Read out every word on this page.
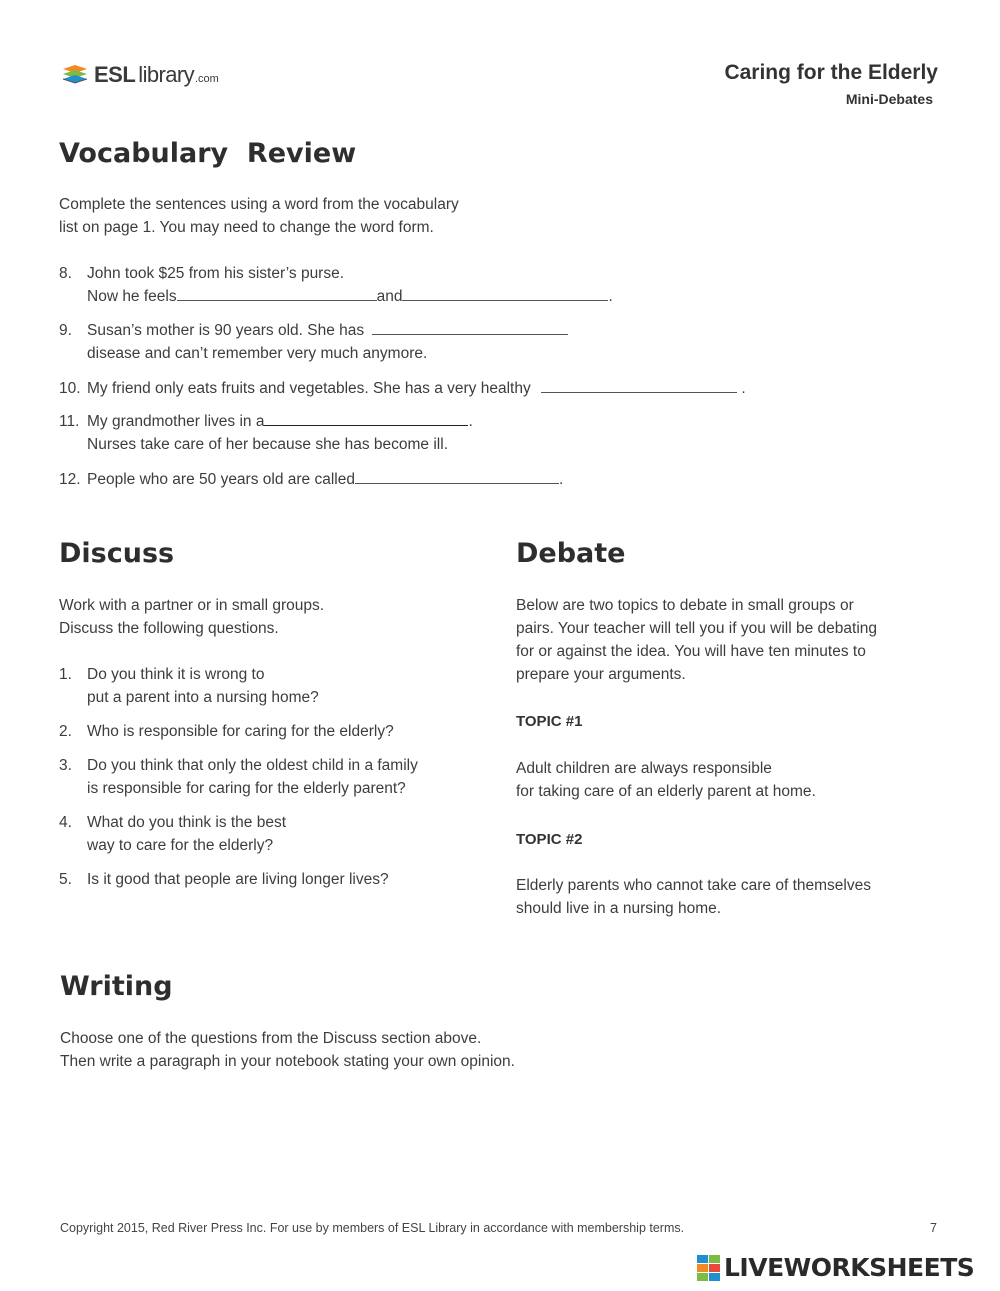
ESL library .com	Caring for the Elderly
Mini-Debates
Vocabulary  Review
Complete the sentences using a word from the vocabulary
list on page 1. You may need to change the word form.
8. John took $25 from his sister’s purse.
Now he feels	and	.
9. Susan’s mother is 90 years old. She has
disease and can’t remember very much anymore.
10. My friend only eats fruits and vegetables. She has a very healthy	.
11. My grandmother lives in a	.
Nurses take care of her because she has become ill.
12. People who are 50 years old are called	.
Discuss
Work with a partner or in small groups.
Discuss the following questions.
1. Do you think it is wrong to
put a parent into a nursing home?
2. Who is responsible for caring for the elderly?
3. Do you think that only the oldest child in a family
is responsible for caring for the elderly parent?
4. What do you think is the best
way to care for the elderly?
5. Is it good that people are living longer lives?
Debate
Below are two topics to debate in small groups or
pairs. Your teacher will tell you if you will be debating
for or against the idea. You will have ten minutes to
prepare your arguments.
TOPIC #1
Adult children are always responsible
for taking care of an elderly parent at home.
TOPIC #2
Elderly parents who cannot take care of themselves
should live in a nursing home.
Writing
Choose one of the questions from the Discuss section above.
Then write a paragraph in your notebook stating your own opinion.
Copyright 2015, Red River Press Inc. For use by members of ESL Library in accordance with membership terms.	7
LIVEWORKSHEETS
